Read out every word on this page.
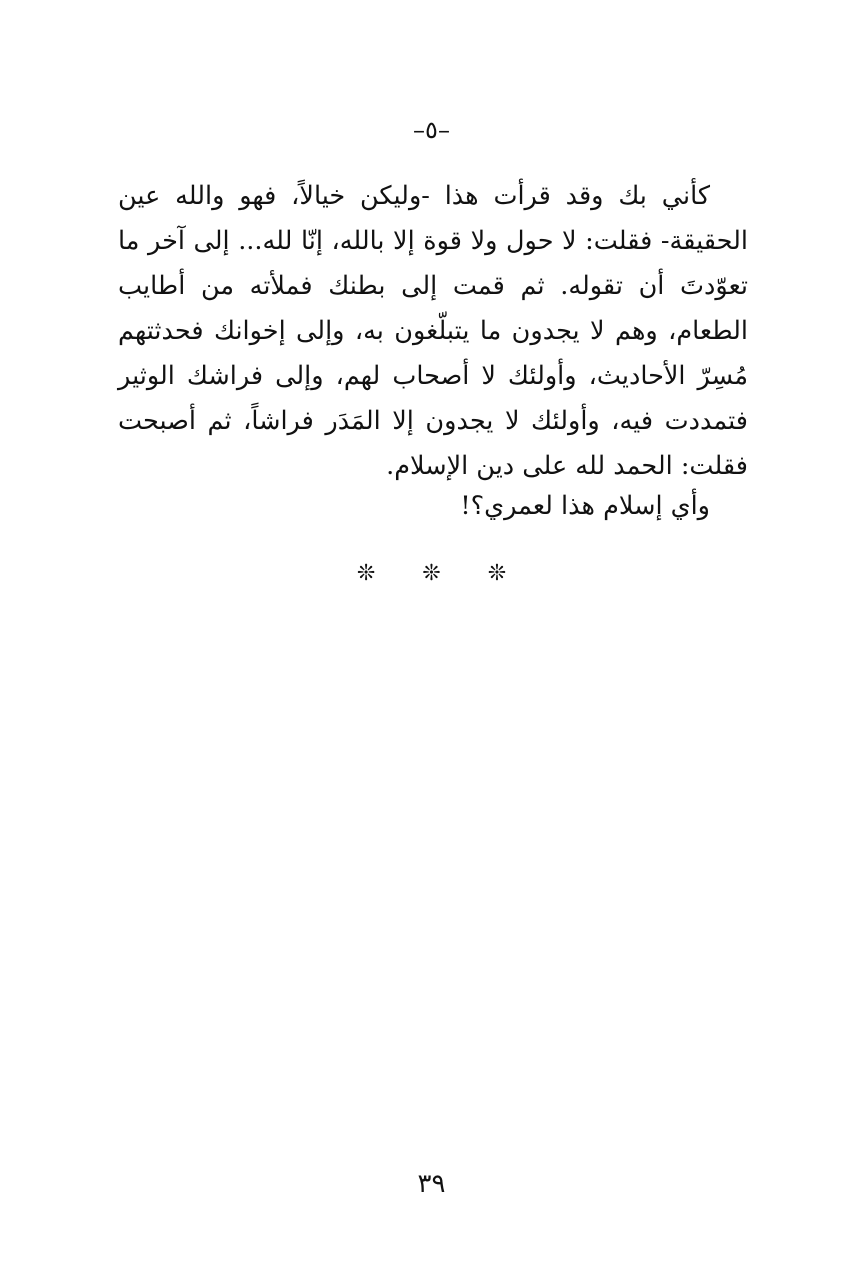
–٥–

كأني بك وقد قرأت هذا -وليكن خيالاً، فهو والله عين الحقيقة- فقلت: لا حول ولا قوة إلا بالله، إنّا لله... إلى آخر ما تعوّدتَ أن تقوله. ثم قمت إلى بطنك فملأته من أطايب الطعام، وهم لا يجدون ما يتبلّغون به، وإلى إخوانك فحدثتهم مُسِرّ الأحاديث، وأولئك لا أصحاب لهم، وإلى فراشك الوثير فتمددت فيه، وأولئك لا يجدون إلا المَدَر فراشاً، ثم أصبحت فقلت: الحمد لله على دين الإسلام.

وأي إسلام هذا لعمري؟!
❊ ❊ ❊
٣٩
